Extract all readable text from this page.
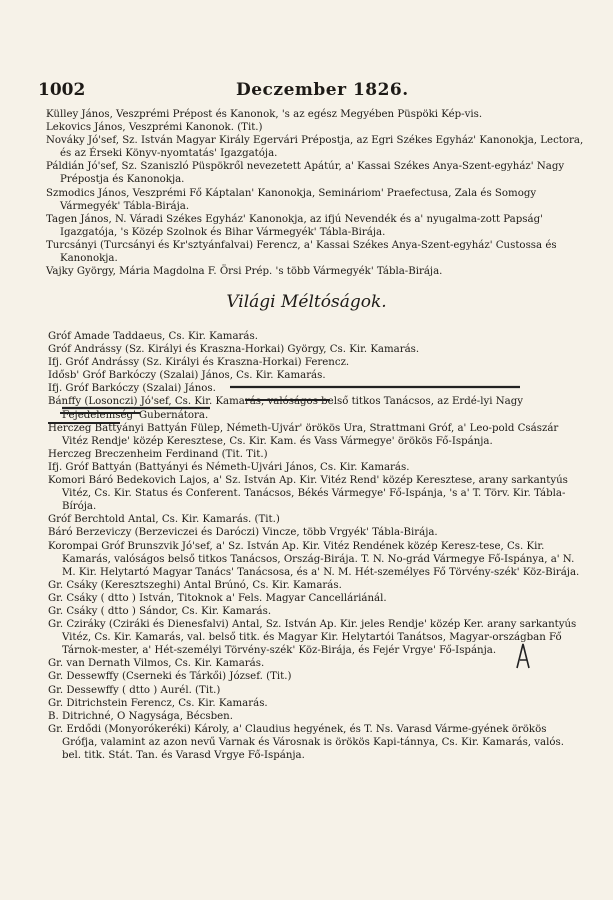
1002	Deczember 1826.

Külley János, Veszprémi Prépost és Kanonok, 's az egész Megyében Püspöki Kép-vis.

Lekovics János, Veszprémi Kanonok. (Tit.)

Nováky Jó'sef, Sz. István Magyar Király Egervári Prépostja, az Egri Székes Egyház' Kanonokja, Lectora, és az Érseki Könyv-nyomtatás' Igazgatója.

Páldián Jó'sef, Sz. Szaniszló Püspökről nevezetett Apátúr, a' Kassai Székes Anya-Szent-egyház' Nagy Prépostja és Kanonokja.

Szmodics János, Veszprémi Fő Káptalan' Kanonokja, Semináriom' Praefectusa, Zala és Somogy Vármegyék' Tábla-Birája.

Tagen János, N. Váradi Székes Egyház' Kanonokja, az ifjú Nevendék és a' nyugalma-zott Papság' Igazgatója, 's Közép Szolnok és Bihar Vármegyék' Tábla-Birája.

Turcsányi (Turcsányi és Kr'sztyánfalvai) Ferencz, a' Kassai Székes Anya-Szent-egyház' Custossa és Kanonokja.

Vajky György, Mária Magdolna F. Örsi Prép. 's több Vármegyék' Tábla-Birája.

Világi Méltóságok.

Gróf Amade Taddaeus, Cs. Kir. Kamarás.

Gróf Andrássy (Sz. Királyi és Kraszna-Horkai) György, Cs. Kir. Kamarás.

Ifj. Gróf Andrássy (Sz. Királyi és Kraszna-Horkai) Ferencz.

Idősb' Gróf Barkóczy (Szalai) János, Cs. Kir. Kamarás.

Ifj. Gróf Barkóczy (Szalai) János.

Bánffy (Losonczi) Jó'sef, Cs. Kir. Kamarás, valóságos belső titkos Tanácsos, az Erdé-lyi Nagy Fejedelemség' Gubernátora.

Herczeg Battyányi Battyán Fülep, Németh-Ujvár' örökös Ura, Strattmani Gróf, a' Leo-pold Császár Vitéz Rendje' közép Keresztese, Cs. Kir. Kam. és Vass Vármegye' örökös Fő-Ispánja.

Herczeg Breczenheim Ferdinand (Tit. Tit.)

Ifj. Gróf Battyán (Battyányi és Németh-Ujvári János, Cs. Kir. Kamarás.

Komori Báró Bedekovich Lajos, a' Sz. István Ap. Kir. Vitéz Rend' közép Keresztese, arany sarkantyús Vitéz, Cs. Kir. Status és Conferent. Tanácsos, Békés Vármegye' Fő-Ispánja, 's a' T. Törv. Kir. Tábla-Bírója.

Gróf Berchtold Antal, Cs. Kir. Kamarás. (Tit.)

Báró Berzeviczy (Berzeviczei és Daróczi) Vincze, több Vrgyék' Tábla-Birája.

Korompai Gróf Brunszvik Jó'sef, a' Sz. István Ap. Kir. Vitéz Rendének közép Keresz-tese, Cs. Kir. Kamarás, valóságos belső titkos Tanácsos, Ország-Birája. T. N. No-grád Vármegye Fő-Ispánya, a' N. M. Kir. Helytartó Magyar Tanács' Tanácsosa, és a' N. M. Hét-személyes Fő Törvény-szék' Köz-Birája.

Gr. Csáky (Keresztszeghi) Antal Brúnó, Cs. Kir. Kamarás.

Gr. Csáky ( dtto ) István, Titoknok a' Fels. Magyar Cancelláriánál.

Gr. Csáky ( dtto ) Sándor, Cs. Kir. Kamarás.

Gr. Cziráky (Cziráki és Dienesfalvi) Antal, Sz. István Ap. Kir. jeles Rendje' közép Ker. arany sarkantyús Vitéz, Cs. Kir. Kamarás, val. belső titk. és Magyar Kir. Helytartói Tanátsos, Magyar-országban Fő Tárnok-mester, a' Hét-személyi Törvény-szék' Köz-Birája, és Fejér Vrgye' Fő-Ispánja.

Gr. van Dernath Vilmos, Cs. Kir. Kamarás.

Gr. Dessewffy (Cserneki és Tárkői) József. (Tit.)

Gr. Dessewffy ( dtto ) Aurél. (Tit.)

Gr. Ditrichstein Ferencz, Cs. Kir. Kamarás.

B. Ditrichné, O Nagysága, Bécsben.

Gr. Erdődi (Monyorókeréki) Károly, a' Claudius hegyének, és T. Ns. Varasd Várme-gyének örökös Grófja, valamint az azon nevű Varnak és Városnak is örökös Kapi-tánnya, Cs. Kir. Kamarás, valós. bel. titk. Stát. Tan. és Varasd Vrgye Fő-Ispánja.
